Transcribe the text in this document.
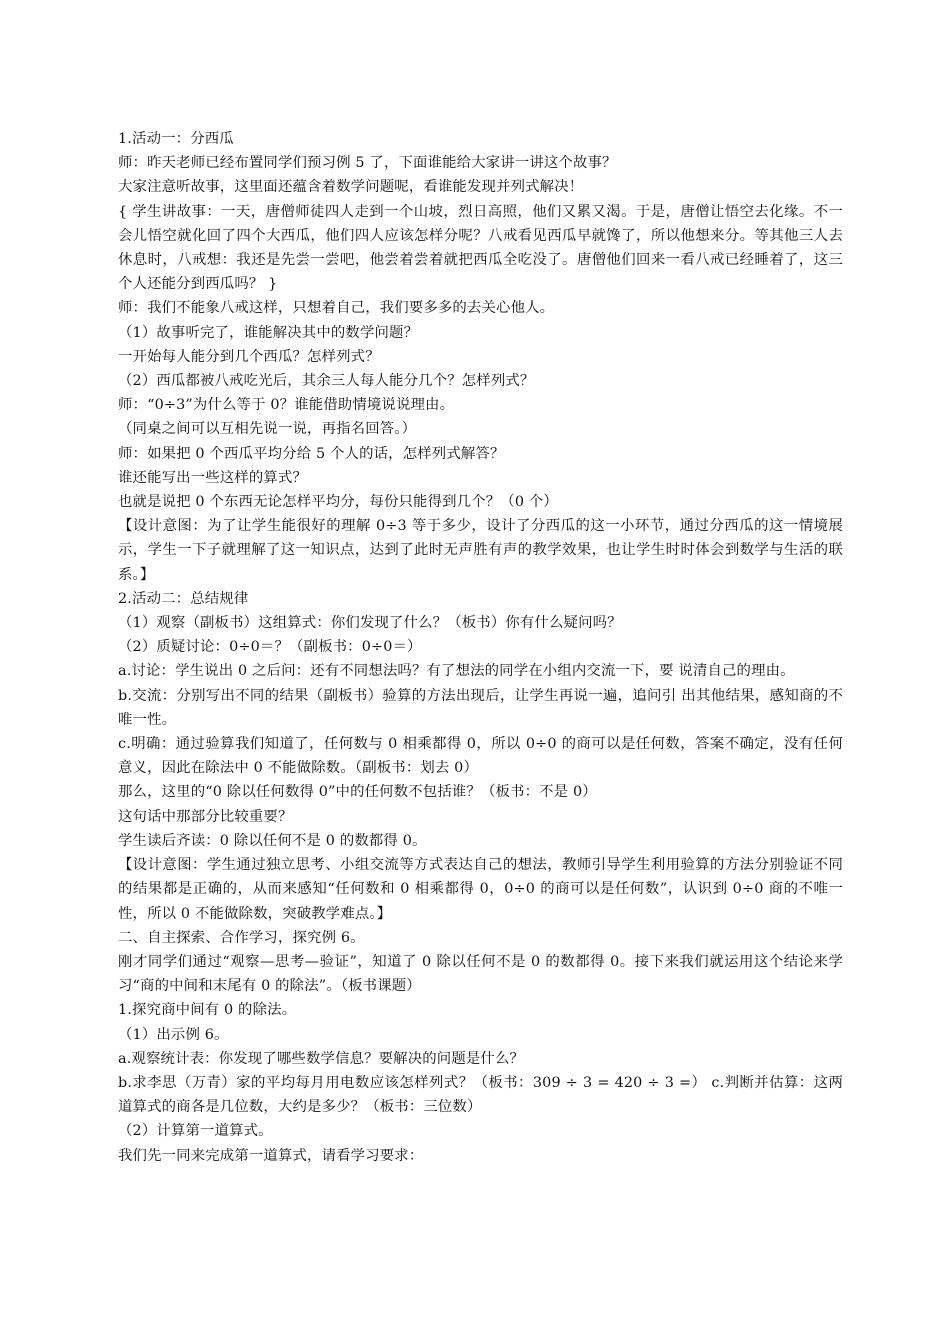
1.活动一：分西瓜

师：昨天老师已经布置同学们预习例 5 了，下面谁能给大家讲一讲这个故事？

大家注意听故事，这里面还蕴含着数学问题呢，看谁能发现并列式解决！

{ 学生讲故事：一天，唐僧师徒四人走到一个山坡，烈日高照，他们又累又渴。于是，唐僧让悟空去化缘。不一会儿悟空就化回了四个大西瓜，他们四人应该怎样分呢？八戒看见西瓜早就馋了，所以他想来分。等其他三人去休息时，八戒想：我还是先尝一尝吧，他尝着尝着就把西瓜全吃没了。唐僧他们回来一看八戒已经睡着了，这三个人还能分到西瓜吗？ }

师：我们不能象八戒这样，只想着自己，我们要多多的去关心他人。

（1）故事听完了，谁能解决其中的数学问题？

一开始每人能分到几个西瓜？怎样列式？

（2）西瓜都被八戒吃光后，其余三人每人能分几个？怎样列式？

师：“0÷3”为什么等于 0？谁能借助情境说说理由。

（同桌之间可以互相先说一说，再指名回答。）

师：如果把 0 个西瓜平均分给 5 个人的话，怎样列式解答？

谁还能写出一些这样的算式？

也就是说把 0 个东西无论怎样平均分，每份只能得到几个？（0 个）

【设计意图：为了让学生能很好的理解 0÷3 等于多少，设计了分西瓜的这一小环节，通过分西瓜的这一情境展示，学生一下子就理解了这一知识点，达到了此时无声胜有声的教学效果，也让学生时时体会到数学与生活的联系。】

2.活动二：总结规律

（1）观察（副板书）这组算式：你们发现了什么？（板书）你有什么疑问吗？

（2）质疑讨论：0÷0＝？（副板书：0÷0＝）

a.讨论：学生说出 0 之后问：还有不同想法吗？有了想法的同学在小组内交流一下，要 说清自己的理由。

b.交流：分别写出不同的结果（副板书）验算的方法出现后，让学生再说一遍，追问引 出其他结果，感知商的不唯一性。

c.明确：通过验算我们知道了，任何数与 0 相乘都得 0，所以 0÷0 的商可以是任何数，答案不确定，没有任何意义，因此在除法中 0 不能做除数。（副板书：划去 0）

那么，这里的“0 除以任何数得 0”中的任何数不包括谁？（板书：不是 0）

这句话中那部分比较重要？

学生读后齐读：0 除以任何不是 0 的数都得 0。

【设计意图：学生通过独立思考、小组交流等方式表达自己的想法，教师引导学生利用验算的方法分别验证不同的结果都是正确的，从而来感知“任何数和 0 相乘都得 0，0÷0 的商可以是任何数”，认识到 0÷0 商的不唯一性，所以 0 不能做除数，突破教学难点。】

二、自主探索、合作学习，探究例 6。

刚才同学们通过“观察—思考—验证”，知道了 0 除以任何不是 0 的数都得 0。接下来我们就运用这个结论来学习“商的中间和末尾有 0 的除法”。（板书课题）

1.探究商中间有 0 的除法。

（1）出示例 6。

a.观察统计表：你发现了哪些数学信息？要解决的问题是什么？

b.求李思（万青）家的平均每月用电数应该怎样列式？（板书：309 ÷ 3 = 420 ÷ 3 =） c.判断并估算：这两道算式的商各是几位数，大约是多少？（板书：三位数）

（2）计算第一道算式。

我们先一同来完成第一道算式，请看学习要求：
